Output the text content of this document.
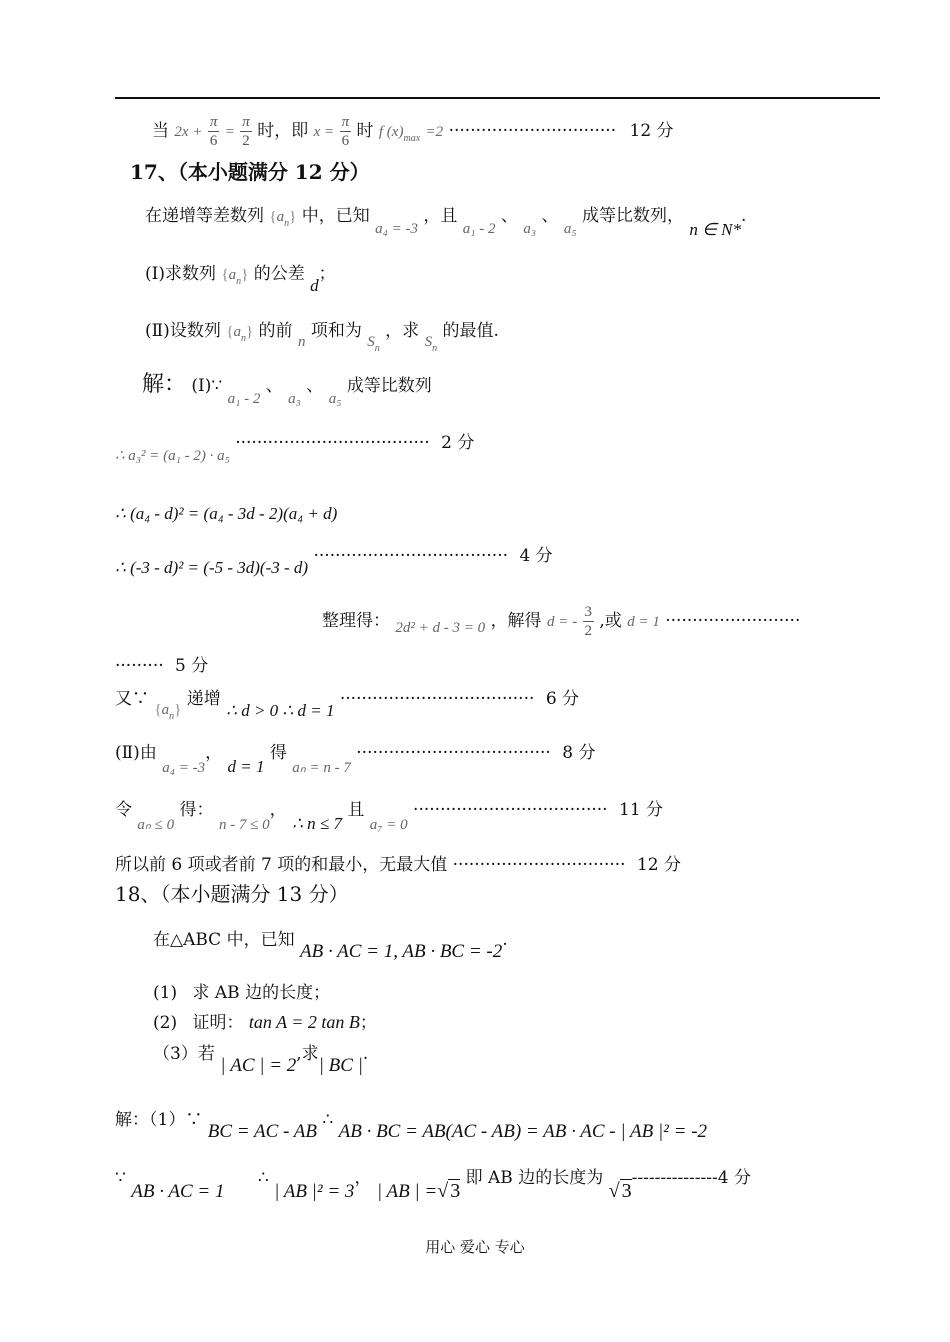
当 $2x + \frac{\pi}{6} = \frac{\pi}{2}$ 时，即 $x = \frac{\pi}{6}$ 时 f $(x)_{max} =2$ ······························· 12 分
17、（本小题满分 12 分）
在递增等差数列 $\{a_n\}$ 中，已知 a₄ = -3 ，且 a₁ - 2 、 a₃ 、 a₅ 成等比数列， n ∈ N*.
(I)求数列 $\{a_n\}$ 的公差 d；
(Ⅱ)设数列 $\{a_n\}$ 的前 n 项和为 $S_n$ ，求 $S_n$ 的最值.
解： (I)∵ a₁ - 2 、 a₃ 、 a₅ 成等比数列
∴ a₃² = (a₁ - 2) · a₅ ···································· 2 分
∴ (a₄ - d)² = (a₄ - 3d - 2)(a₄ + d)
∴ (-3 - d)² = (-5 - 3d)(-3 - d) ···································· 4 分
整理得： 2d² + d - 3 = 0 ，解得 d = - $\frac{3}{2}$ ,或 d = 1 ·························
········· 5 分
又∵ $\{a_n\}$ 递增 ∴ d > 0 ∴ d = 1 ···································· 6 分
(Ⅱ)由 a₄ = -3， d = 1 得 aₙ = n - 7 ···································· 8 分
令 aₙ ≤ 0 得： n - 7 ≤ 0， ∴ n ≤ 7 且 a₇ = 0 ···································· 11 分
所以前 6 项或者前 7 项的和最小，无最大值 ································ 12 分
18、（本小题满分 13 分）
在△ABC 中，已知 AB · AC = 1, AB · BC = -2.
(1) 求 AB 边的长度；
(2) 证明： tan A = 2 tan B；
（3）若 | AC | = 2,求| BC |.
解：（1）∵ BC = AC - AB ∴ AB · BC = AB(AC - AB) = AB · AC - | AB |² = -2
∵ AB · AC = 1 ∴ | AB |² = 3， | AB | =√ 3 即 AB 边的长度为 √ 3---------------4 分
用心 爱心 专心
